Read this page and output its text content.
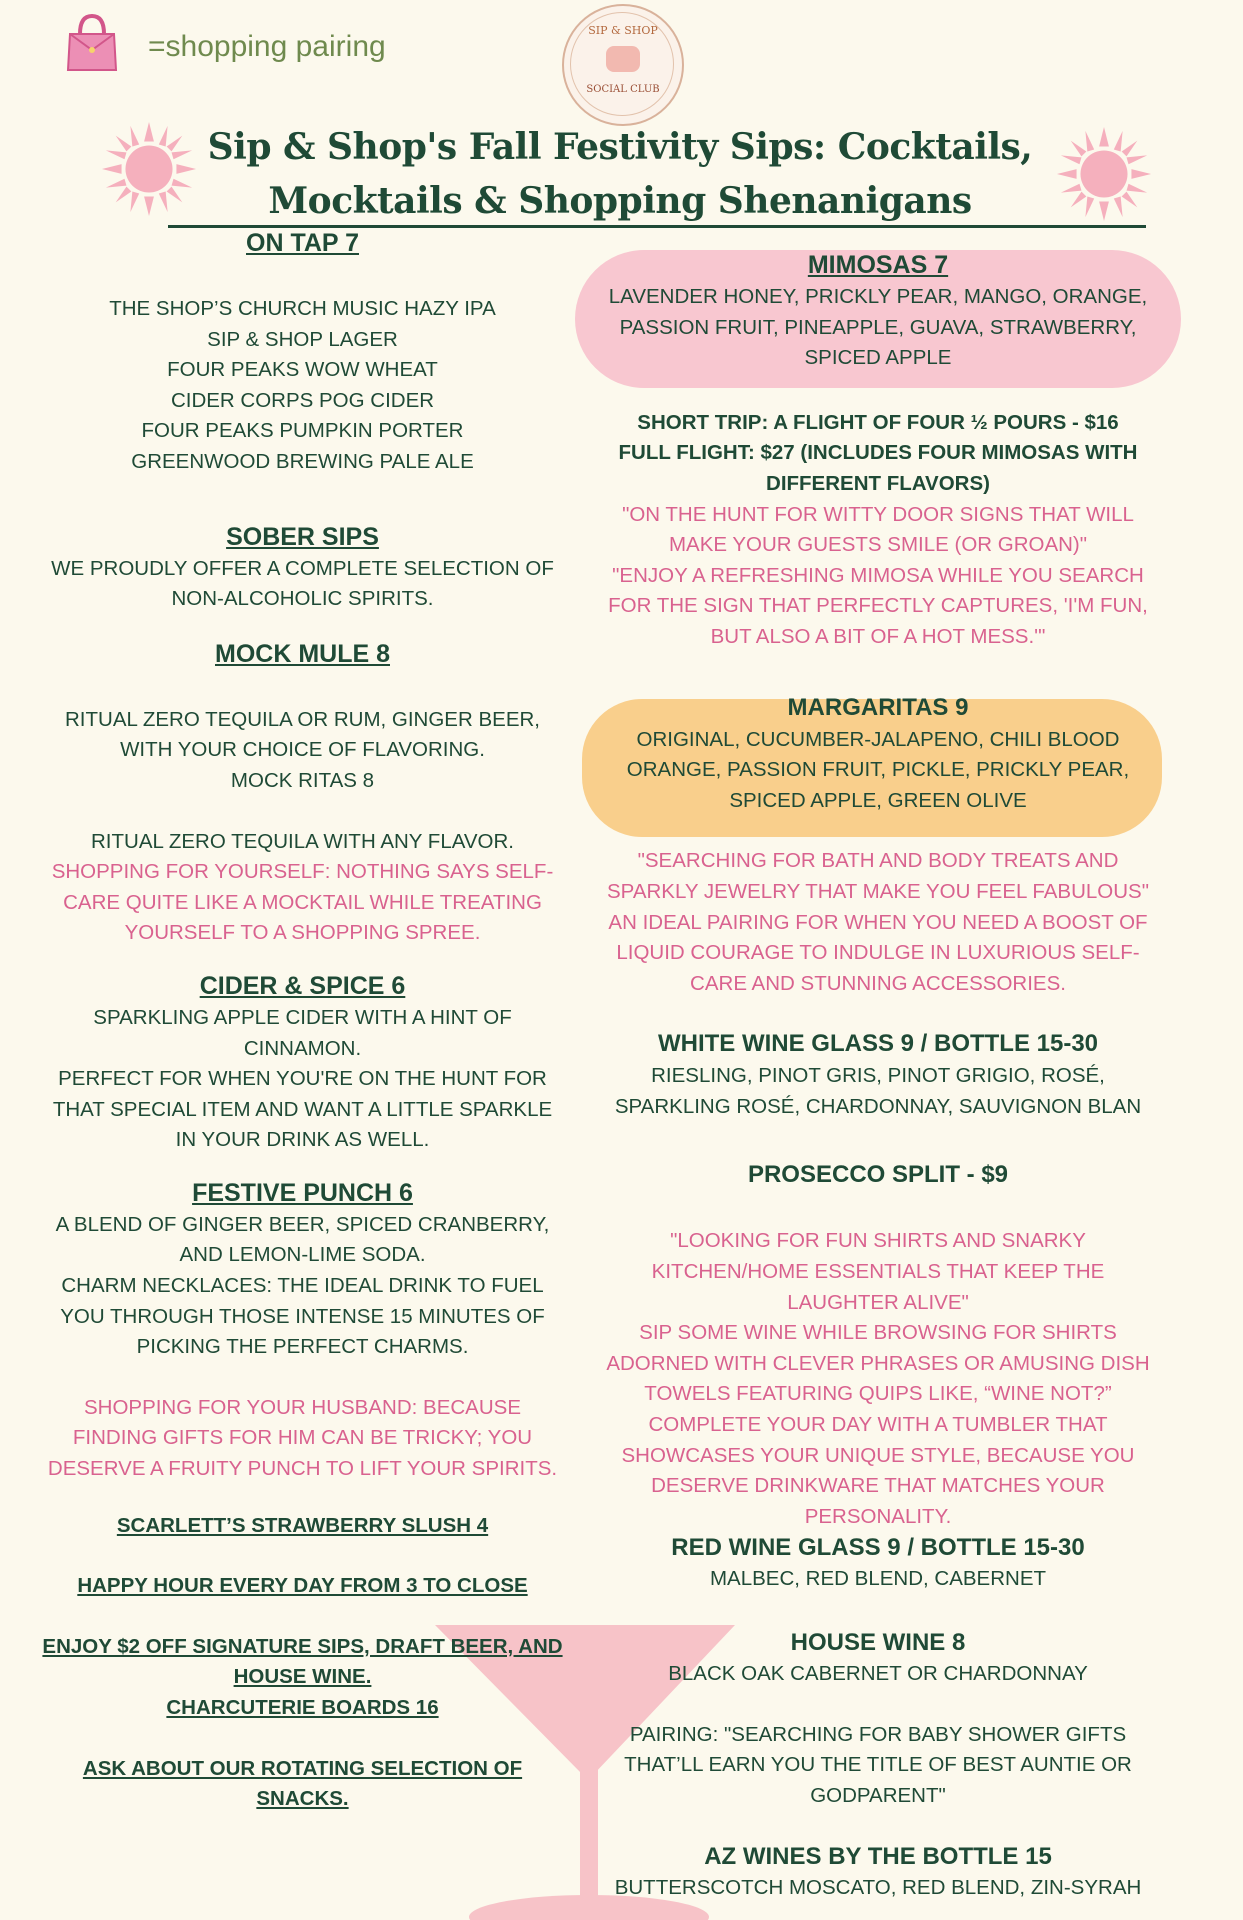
=shopping pairing	SIP & SHOP
SOCIAL CLUB
Sip & Shop's Fall Festivity Sips: Cocktails,
Mocktails & Shopping Shenanigans
ON TAP 7
THE SHOP’S CHURCH MUSIC HAZY IPA
SIP & SHOP LAGER
FOUR PEAKS WOW WHEAT
CIDER CORPS POG CIDER
FOUR PEAKS PUMPKIN PORTER
GREENWOOD BREWING PALE ALE
SOBER SIPS
WE PROUDLY OFFER A COMPLETE SELECTION OF
NON-ALCOHOLIC SPIRITS.
MOCK MULE 8
RITUAL ZERO TEQUILA OR RUM, GINGER BEER,
WITH YOUR CHOICE OF FLAVORING.
MOCK RITAS 8
RITUAL ZERO TEQUILA WITH ANY FLAVOR.
SHOPPING FOR YOURSELF: NOTHING SAYS SELF-
CARE QUITE LIKE A MOCKTAIL WHILE TREATING
YOURSELF TO A SHOPPING SPREE.
CIDER & SPICE 6
SPARKLING APPLE CIDER WITH A HINT OF
CINNAMON.
PERFECT FOR WHEN YOU'RE ON THE HUNT FOR
THAT SPECIAL ITEM AND WANT A LITTLE SPARKLE
IN YOUR DRINK AS WELL.
FESTIVE PUNCH 6
A BLEND OF GINGER BEER, SPICED CRANBERRY,
AND LEMON-LIME SODA.
CHARM NECKLACES: THE IDEAL DRINK TO FUEL
YOU THROUGH THOSE INTENSE 15 MINUTES OF
PICKING THE PERFECT CHARMS.
SHOPPING FOR YOUR HUSBAND: BECAUSE
FINDING GIFTS FOR HIM CAN BE TRICKY; YOU
DESERVE A FRUITY PUNCH TO LIFT YOUR SPIRITS.
SCARLETT’S STRAWBERRY SLUSH 4
HAPPY HOUR EVERY DAY FROM 3 TO CLOSE
ENJOY $2 OFF SIGNATURE SIPS, DRAFT BEER, AND
HOUSE WINE.
CHARCUTERIE BOARDS 16
ASK ABOUT OUR ROTATING SELECTION OF
SNACKS.
MIMOSAS 7
LAVENDER HONEY, PRICKLY PEAR, MANGO, ORANGE,
PASSION FRUIT, PINEAPPLE, GUAVA, STRAWBERRY,
SPICED APPLE
SHORT TRIP: A FLIGHT OF FOUR ½ POURS - $16
FULL FLIGHT: $27 (INCLUDES FOUR MIMOSAS WITH
DIFFERENT FLAVORS)
"ON THE HUNT FOR WITTY DOOR SIGNS THAT WILL
MAKE YOUR GUESTS SMILE (OR GROAN)"
"ENJOY A REFRESHING MIMOSA WHILE YOU SEARCH
FOR THE SIGN THAT PERFECTLY CAPTURES, 'I'M FUN,
BUT ALSO A BIT OF A HOT MESS.'"
MARGARITAS 9
ORIGINAL, CUCUMBER-JALAPENO, CHILI BLOOD
ORANGE, PASSION FRUIT, PICKLE, PRICKLY PEAR,
SPICED APPLE, GREEN OLIVE
"SEARCHING FOR BATH AND BODY TREATS AND
SPARKLY JEWELRY THAT MAKE YOU FEEL FABULOUS"
AN IDEAL PAIRING FOR WHEN YOU NEED A BOOST OF
LIQUID COURAGE TO INDULGE IN LUXURIOUS SELF-
CARE AND STUNNING ACCESSORIES.
WHITE WINE GLASS 9 / BOTTLE 15-30
RIESLING, PINOT GRIS, PINOT GRIGIO, ROSÉ,
SPARKLING ROSÉ, CHARDONNAY, SAUVIGNON BLAN
PROSECCO SPLIT - $9
"LOOKING FOR FUN SHIRTS AND SNARKY
KITCHEN/HOME ESSENTIALS THAT KEEP THE
LAUGHTER ALIVE"
SIP SOME WINE WHILE BROWSING FOR SHIRTS
ADORNED WITH CLEVER PHRASES OR AMUSING DISH
TOWELS FEATURING QUIPS LIKE, “WINE NOT?”
COMPLETE YOUR DAY WITH A TUMBLER THAT
SHOWCASES YOUR UNIQUE STYLE, BECAUSE YOU
DESERVE DRINKWARE THAT MATCHES YOUR
PERSONALITY.
RED WINE GLASS 9 / BOTTLE 15-30
MALBEC, RED BLEND, CABERNET
HOUSE WINE 8
BLACK OAK CABERNET OR CHARDONNAY
PAIRING: "SEARCHING FOR BABY SHOWER GIFTS
THAT’LL EARN YOU THE TITLE OF BEST AUNTIE OR
GODPARENT"
AZ WINES BY THE BOTTLE 15
BUTTERSCOTCH MOSCATO, RED BLEND, ZIN-SYRAH
